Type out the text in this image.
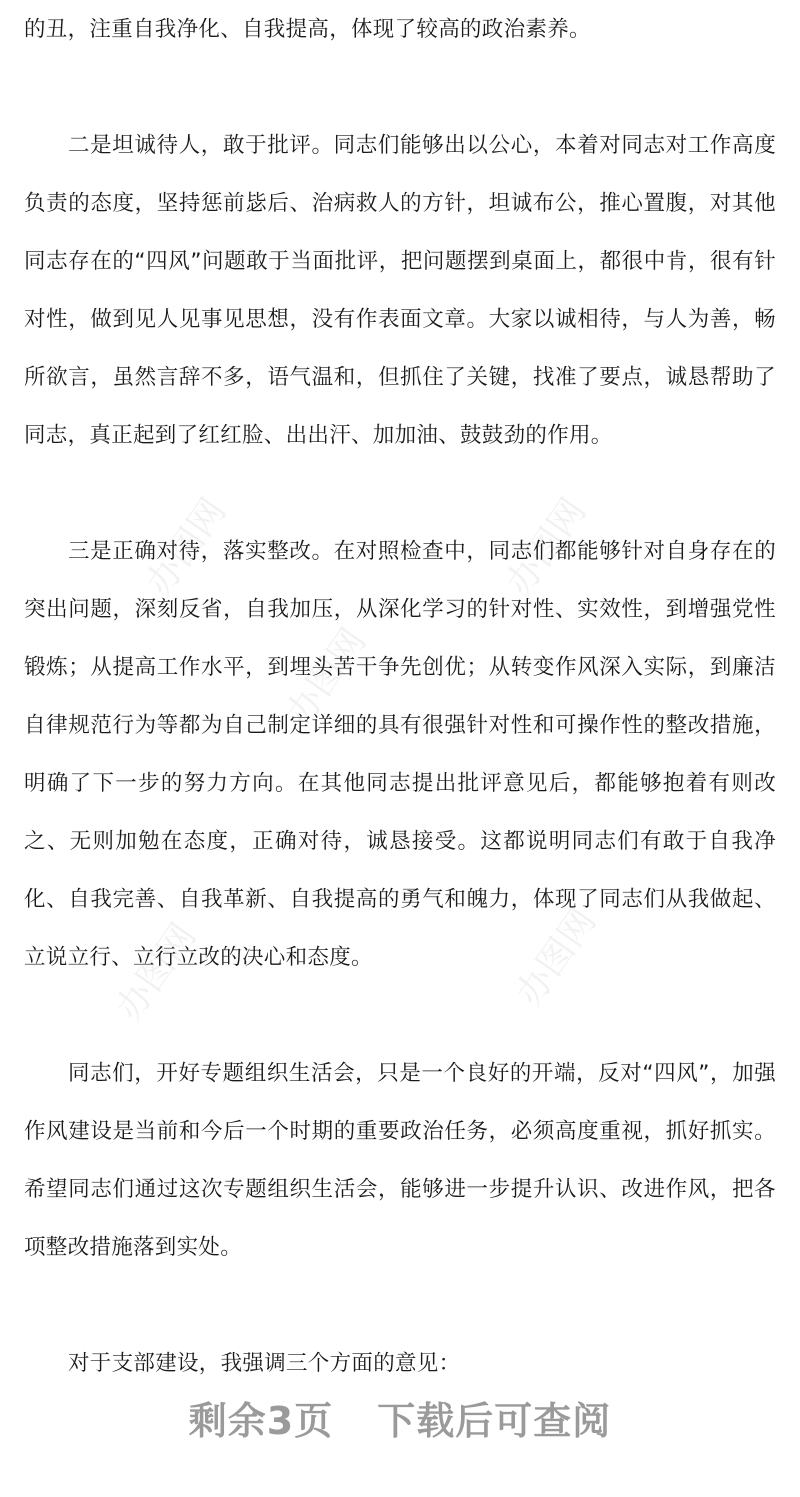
办图网	办图网
办图网
办图网	办图网

的丑，注重自我净化、自我提高，体现了较高的政治素养。

二是坦诚待人，敢于批评。同志们能够出以公心，本着对同志对工作高度负责的态度，坚持惩前毖后、治病救人的方针，坦诚布公，推心置腹，对其他同志存在的“四风”问题敢于当面批评，把问题摆到桌面上，都很中肯，很有针对性，做到见人见事见思想，没有作表面文章。大家以诚相待，与人为善，畅所欲言，虽然言辞不多，语气温和，但抓住了关键，找准了要点，诚恳帮助了同志，真正起到了红红脸、出出汗、加加油、鼓鼓劲的作用。

三是正确对待，落实整改。在对照检查中，同志们都能够针对自身存在的突出问题，深刻反省，自我加压，从深化学习的针对性、实效性，到增强党性锻炼；从提高工作水平，到埋头苦干争先创优；从转变作风深入实际，到廉洁自律规范行为等都为自己制定详细的具有很强针对性和可操作性的整改措施，明确了下一步的努力方向。在其他同志提出批评意见后，都能够抱着有则改之、无则加勉在态度，正确对待，诚恳接受。这都说明同志们有敢于自我净化、自我完善、自我革新、自我提高的勇气和魄力，体现了同志们从我做起、立说立行、立行立改的决心和态度。

同志们，开好专题组织生活会，只是一个良好的开端，反对“四风”，加强作风建设是当前和今后一个时期的重要政治任务，必须高度重视，抓好抓实。希望同志们通过这次专题组织生活会，能够进一步提升认识、改进作风，把各项整改措施落到实处。

对于支部建设，我强调三个方面的意见：

剩余3页 下载后可查阅
